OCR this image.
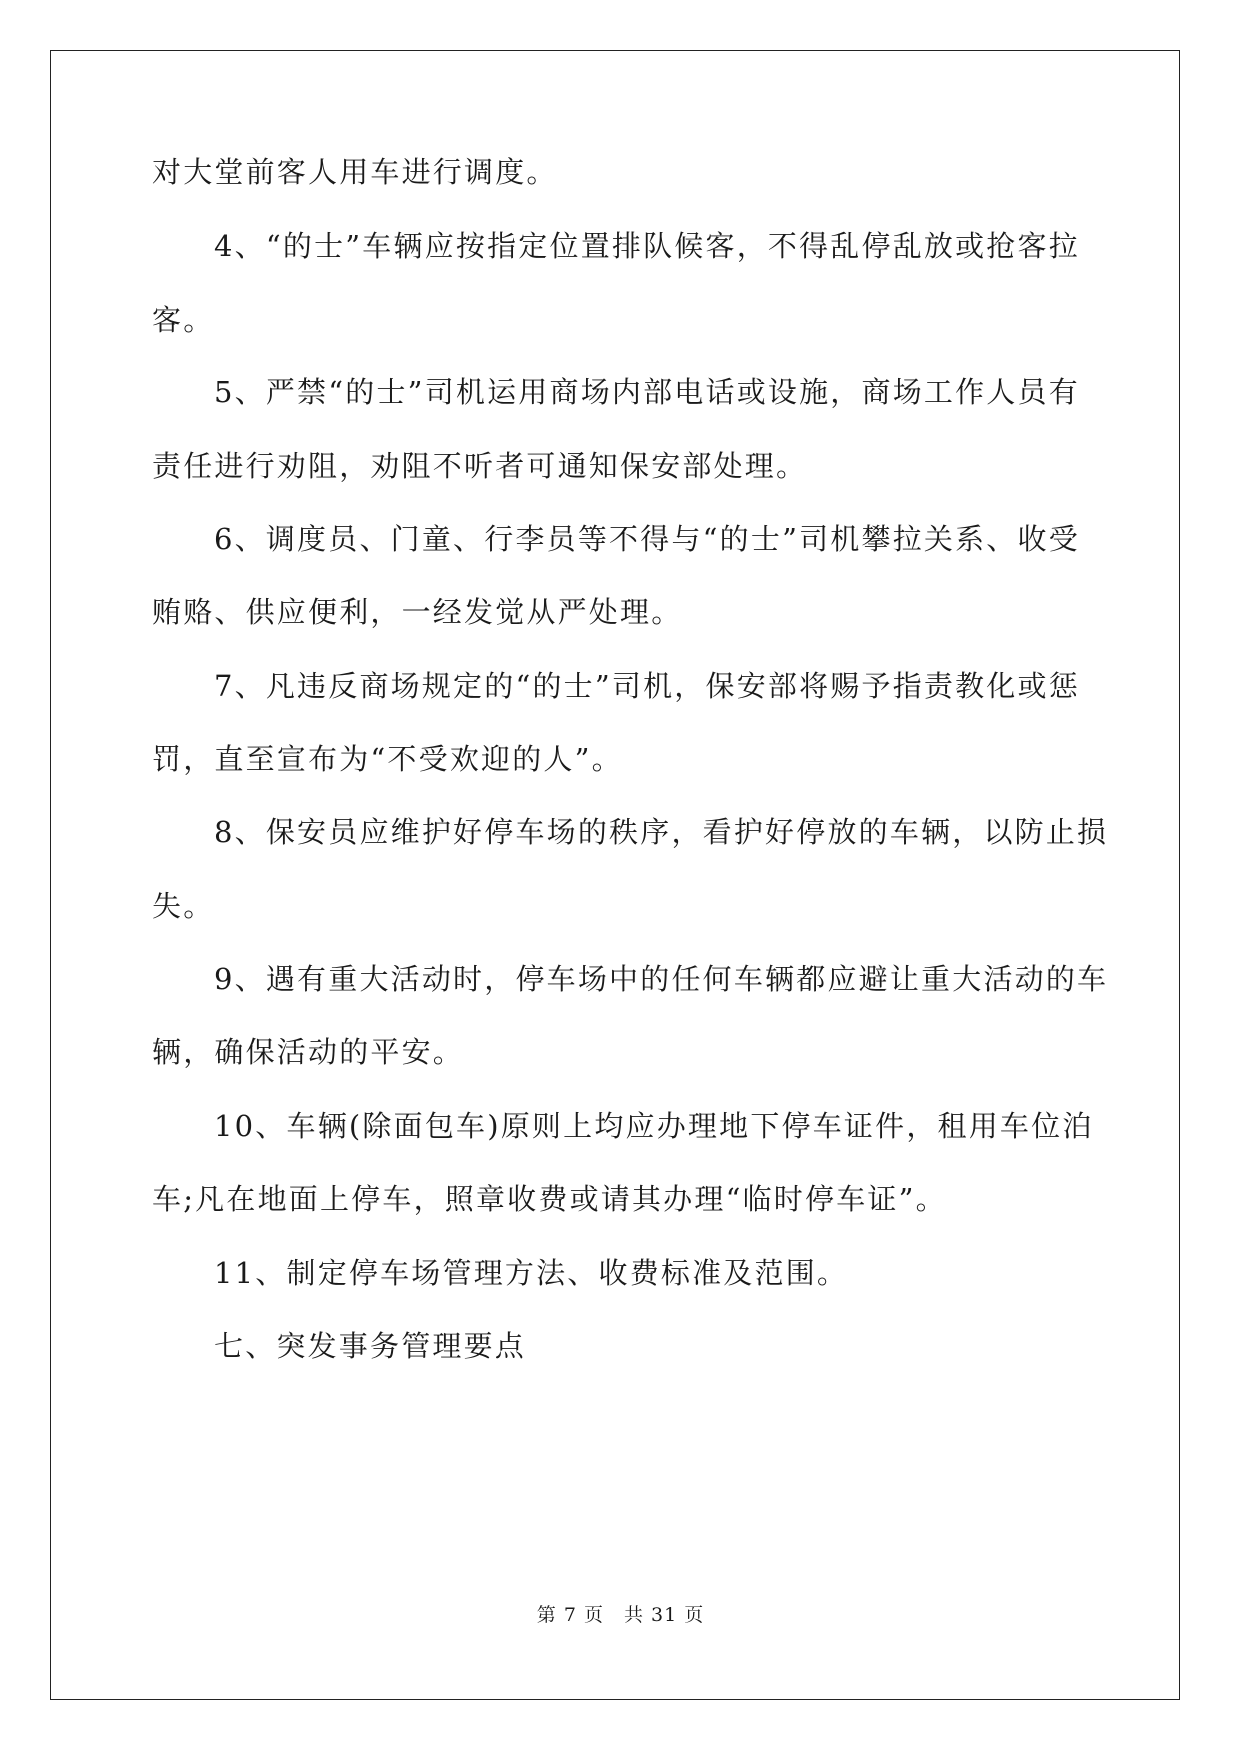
对大堂前客人用车进行调度。
4、“的士”车辆应按指定位置排队候客，不得乱停乱放或抢客拉
客。
5、严禁“的士”司机运用商场内部电话或设施，商场工作人员有
责任进行劝阻，劝阻不听者可通知保安部处理。
6、调度员、门童、行李员等不得与“的士”司机攀拉关系、收受
贿赂、供应便利，一经发觉从严处理。
7、凡违反商场规定的“的士”司机，保安部将赐予指责教化或惩
罚，直至宣布为“不受欢迎的人”。
8、保安员应维护好停车场的秩序，看护好停放的车辆，以防止损
失。
9、遇有重大活动时，停车场中的任何车辆都应避让重大活动的车
辆，确保活动的平安。
10、车辆(除面包车)原则上均应办理地下停车证件，租用车位泊
车;凡在地面上停车，照章收费或请其办理“临时停车证”。
11、制定停车场管理方法、收费标准及范围。
七、突发事务管理要点
第 7 页　共 31 页
